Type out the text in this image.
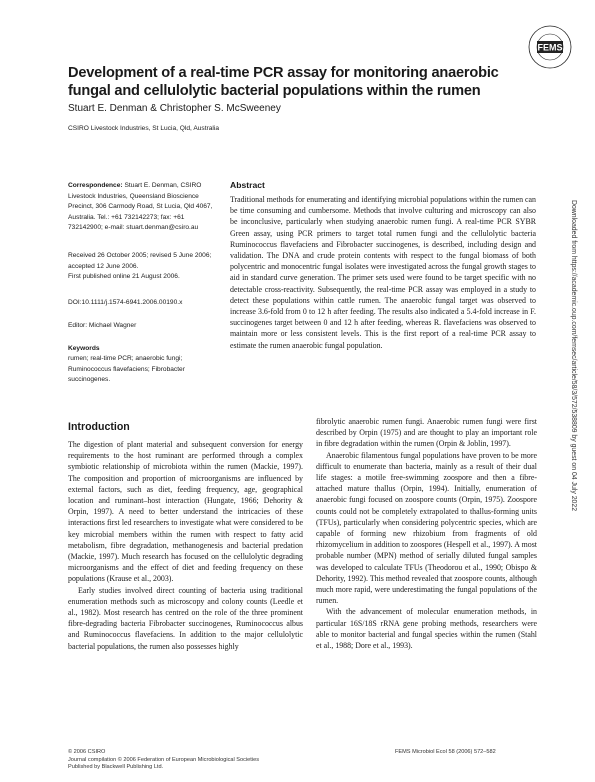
FEMS
Development of a real-time PCR assay for monitoring anaerobic fungal and cellulolytic bacterial populations within the rumen
Stuart E. Denman & Christopher S. McSweeney
CSIRO Livestock Industries, St Lucia, Qld, Australia
Correspondence: Stuart E. Denman, CSIRO Livestock Industries, Queensland Bioscience Precinct, 306 Carmody Road, St Lucia, Qld 4067, Australia. Tel.: +61 732142273; fax: +61 732142900; e-mail: stuart.denman@csiro.au
Received 26 October 2005; revised 5 June 2006; accepted 12 June 2006.
First published online 21 August 2006.
DOI:10.1111/j.1574-6941.2006.00190.x
Editor: Michael Wagner
Keywords
rumen; real-time PCR; anaerobic fungi; Ruminococcus flavefaciens; Fibrobacter succinogenes.
Abstract
Traditional methods for enumerating and identifying microbial populations within the rumen can be time consuming and cumbersome. Methods that involve culturing and microscopy can also be inconclusive, particularly when studying anaerobic rumen fungi. A real-time PCR SYBR Green assay, using PCR primers to target total rumen fungi and the cellulolytic bacteria Ruminococcus flavefaciens and Fibrobacter succinogenes, is described, including design and validation. The DNA and crude protein contents with respect to the fungal biomass of both polycentric and monocentric fungal isolates were investigated across the fungal growth stages to aid in standard curve generation. The primer sets used were found to be target specific with no detectable cross-reactivity. Subsequently, the real-time PCR assay was employed in a study to detect these populations within cattle rumen. The anaerobic fungal target was observed to increase 3.6-fold from 0 to 12 h after feeding. The results also indicated a 5.4-fold increase in F. succinogenes target between 0 and 12 h after feeding, whereas R. flavefaciens was observed to maintain more or less consistent levels. This is the first report of a real-time PCR assay to estimate the rumen anaerobic fungal population.
Introduction

The digestion of plant material and subsequent conversion for energy requirements to the host ruminant are performed through a complex symbiotic relationship of microbiota within the rumen (Mackie, 1997). The composition and proportion of microorganisms are influenced by external factors, such as diet, feeding frequency, age, geographical location and ruminant–host interaction (Hungate, 1966; Dehority & Orpin, 1997). A need to better understand the intricacies of these interactions first led researchers to investigate what were considered to be key microbial members within the rumen with respect to fatty acid metabolism, fibre degradation, methanogenesis and bacterial predation (Mackie, 1997). Much research has focused on the cellulolytic degrading microorganisms and the effect of diet and feeding frequency on these populations (Krause et al., 2003).

Early studies involved direct counting of bacteria using traditional enumeration methods such as microscopy and colony counts (Leedle et al., 1982). Most research has centred on the role of the three prominent fibre-degrading bacteria Fibrobacter succinogenes, Ruminococcus albus and Ruminococcus flavefaciens. In addition to the major cellulolytic bacterial populations, the rumen also possesses highly

fibrolytic anaerobic rumen fungi. Anaerobic rumen fungi were first described by Orpin (1975) and are thought to play an important role in fibre degradation within the rumen (Orpin & Joblin, 1997).

Anaerobic filamentous fungal populations have proven to be more difficult to enumerate than bacteria, mainly as a result of their dual life stages: a motile free-swimming zoospore and then a fibre-attached mature thallus (Orpin, 1994). Initially, enumeration of anaerobic fungi focused on zoospore counts (Orpin, 1975). Zoospore counts could not be completely extrapolated to thallus-forming units (TFUs), particularly when considering polycentric species, which are capable of forming new rhizobium from fragments of old rhizomycelium in addition to zoospores (Hespell et al., 1997). A most probable number (MPN) method of serially diluted fungal samples was developed to calculate TFUs (Theodorou et al., 1990; Obispo & Dehority, 1992). This method revealed that zoospore counts, although much more rapid, were underestimating the fungal populations of the rumen.

With the advancement of molecular enumeration methods, in particular 16S/18S rRNA gene probing methods, researchers were able to monitor bacterial and fungal species within the rumen (Stahl et al., 1988; Dore et al., 1993).

Downloaded from https://academic.oup.com/femsec/article/58/3/572/538809 by guest on 04 July 2022
© 2006 CSIRO
Journal compilation © 2006 Federation of European Microbiological Societies
Published by Blackwell Publishing Ltd.
FEMS Microbiol Ecol 58 (2006) 572–582
